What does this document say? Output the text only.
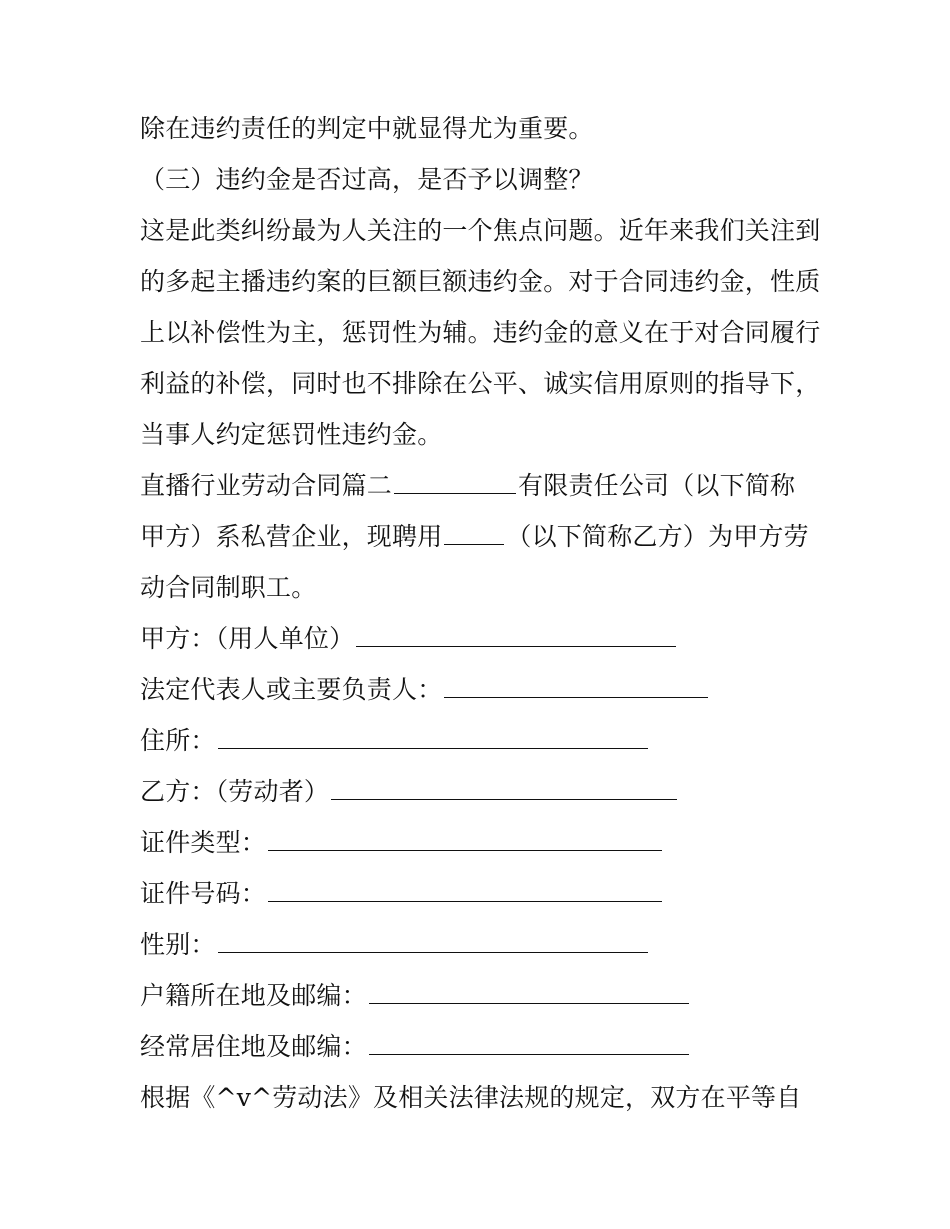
除在违约责任的判定中就显得尤为重要。
（三）违约金是否过高，是否予以调整？
这是此类纠纷最为人关注的一个焦点问题。近年来我们关注到
的多起主播违约案的巨额巨额违约金。对于合同违约金，性质
上以补偿性为主，惩罚性为辅。违约金的意义在于对合同履行
利益的补偿，同时也不排除在公平、诚实信用原则的指导下，
当事人约定惩罚性违约金。
直播行业劳动合同篇二	有限责任公司（以下简称
甲方）系私营企业，现聘用	（以下简称乙方）为甲方劳
动合同制职工。
甲方：（用人单位）
法定代表人或主要负责人：
住所：
乙方：（劳动者）
证件类型：
证件号码：
性别：
户籍所在地及邮编：
经常居住地及邮编：
根据《^v^劳动法》及相关法律法规的规定，双方在平等自
